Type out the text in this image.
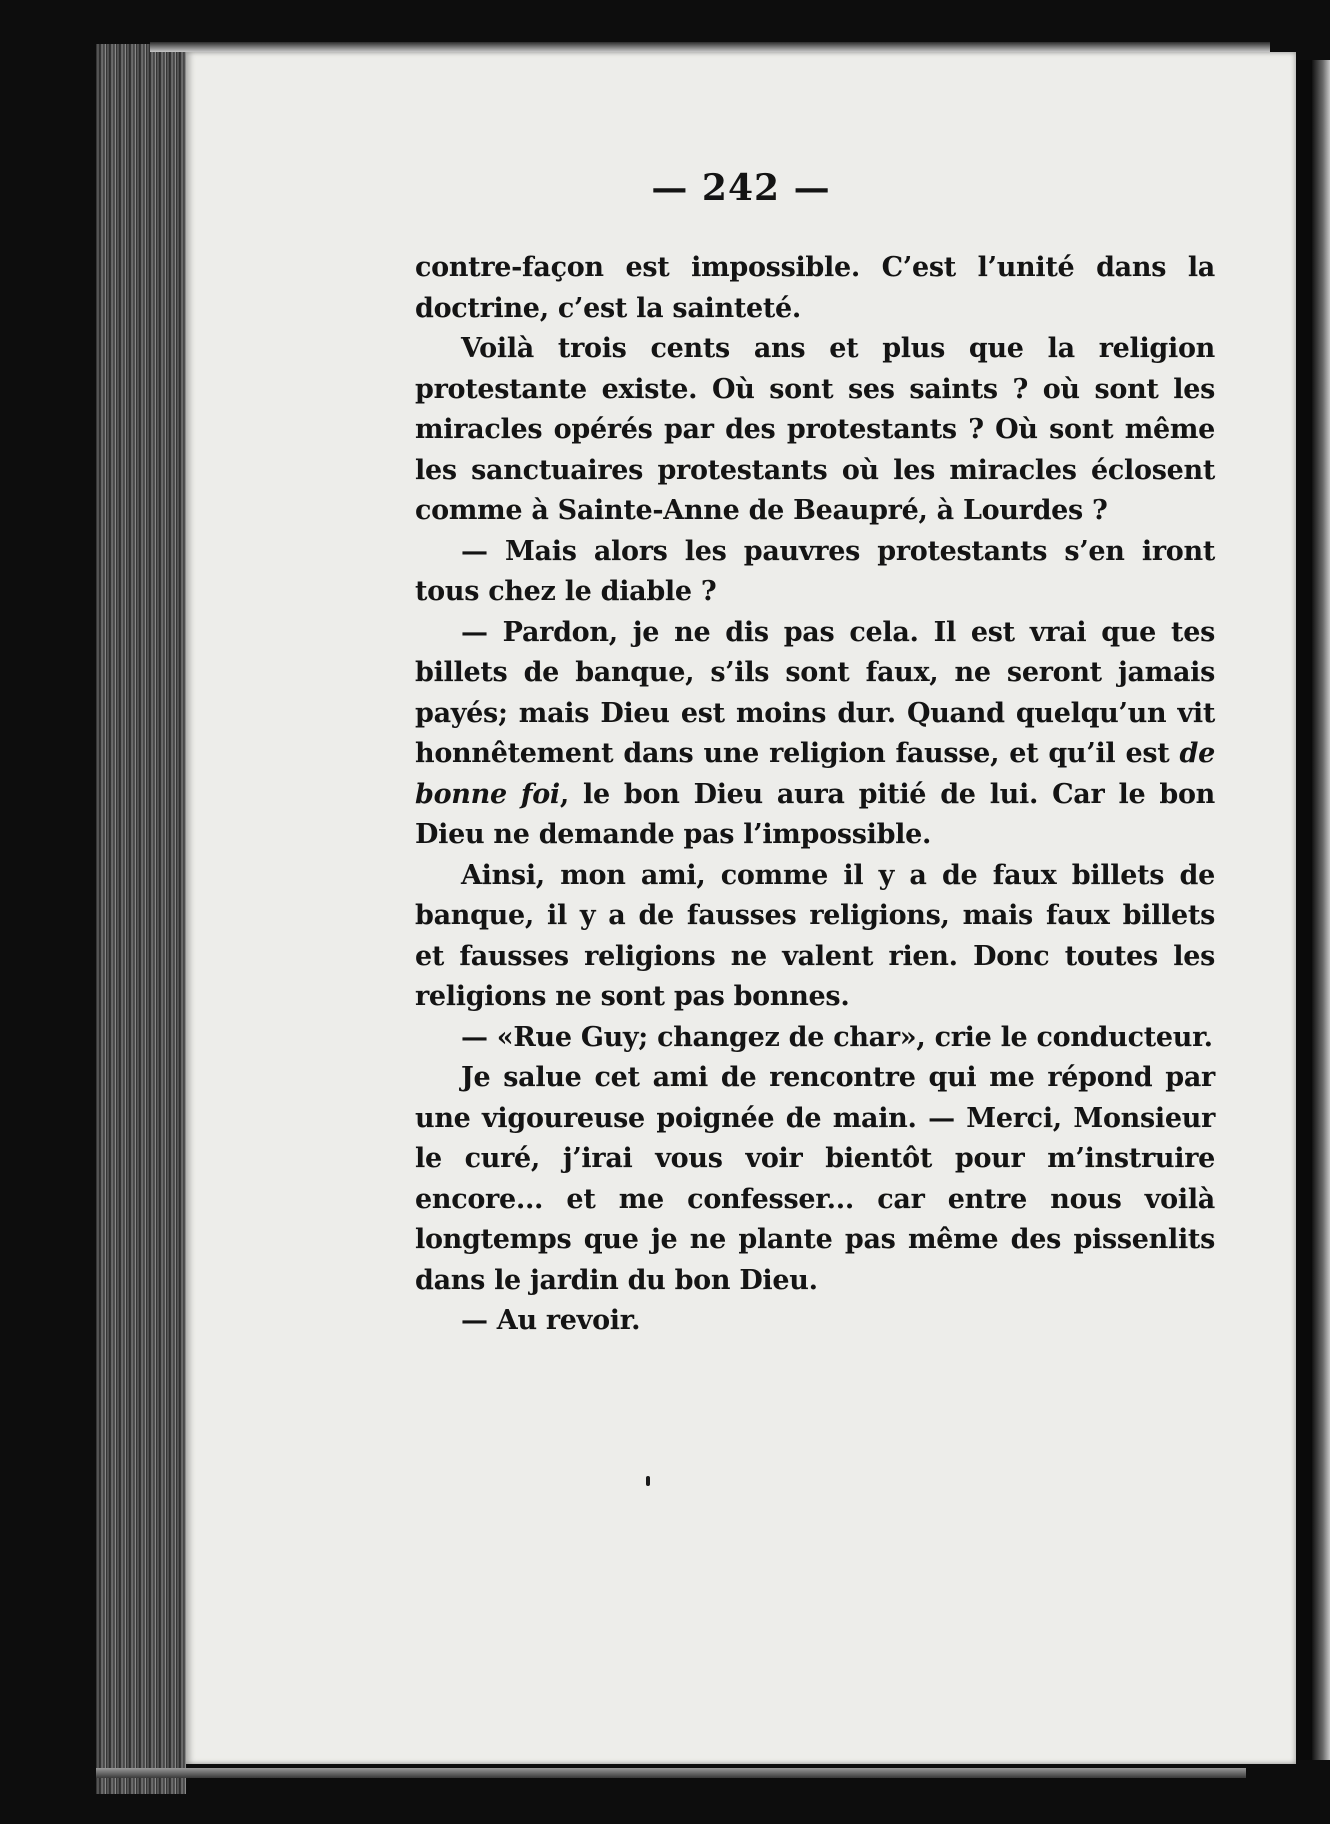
— 242 —

contre-façon est impossible. C’est l’unité dans la doctrine, c’est la sainteté.

Voilà trois cents ans et plus que la religion protestante existe. Où sont ses saints ? où sont les miracles opérés par des protestants ? Où sont même les sanctuaires protestants où les miracles éclosent comme à Sainte-Anne de Beaupré, à Lourdes ?

— Mais alors les pauvres protestants s’en iront tous chez le diable ?

— Pardon, je ne dis pas cela. Il est vrai que tes billets de banque, s’ils sont faux, ne seront jamais payés; mais Dieu est moins dur. Quand quelqu’un vit honnêtement dans une religion fausse, et qu’il est de bonne foi, le bon Dieu aura pitié de lui. Car le bon Dieu ne demande pas l’impossible.

Ainsi, mon ami, comme il y a de faux billets de banque, il y a de fausses religions, mais faux billets et fausses religions ne valent rien. Donc toutes les religions ne sont pas bonnes.

— «Rue Guy; changez de char», crie le conducteur.

Je salue cet ami de rencontre qui me répond par une vigoureuse poignée de main. — Merci, Monsieur le curé, j’irai vous voir bientôt pour m’instruire encore... et me confesser... car entre nous voilà longtemps que je ne plante pas même des pissenlits dans le jardin du bon Dieu.

— Au revoir.
